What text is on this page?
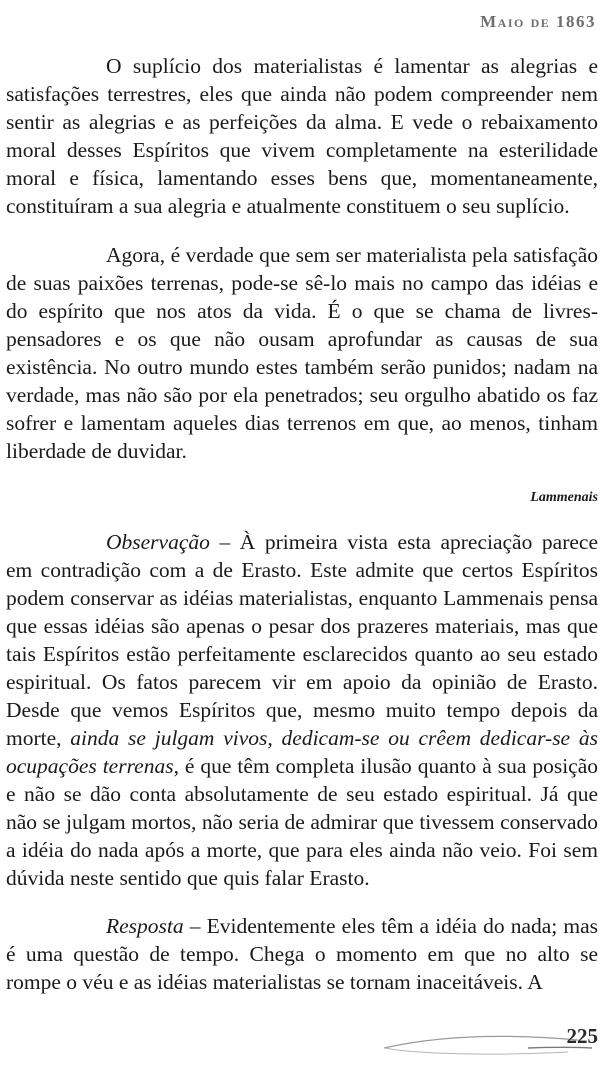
Maio de 1863

O suplício dos materialistas é lamentar as alegrias e satisfações terrestres, eles que ainda não podem compreender nem sentir as alegrias e as perfeições da alma. E vede o rebaixamento moral desses Espíritos que vivem completamente na esterilidade moral e física, lamentando esses bens que, momentaneamente, constituíram a sua alegria e atualmente constituem o seu suplício.

Agora, é verdade que sem ser materialista pela satisfação de suas paixões terrenas, pode-se sê-lo mais no campo das idéias e do espírito que nos atos da vida. É o que se chama de livres-pensadores e os que não ousam aprofundar as causas de sua existência. No outro mundo estes também serão punidos; nadam na verdade, mas não são por ela penetrados; seu orgulho abatido os faz sofrer e lamentam aqueles dias terrenos em que, ao menos, tinham liberdade de duvidar.

Lammenais

Observação – À primeira vista esta apreciação parece em contradição com a de Erasto. Este admite que certos Espíritos podem conservar as idéias materialistas, enquanto Lammenais pensa que essas idéias são apenas o pesar dos prazeres materiais, mas que tais Espíritos estão perfeitamente esclarecidos quanto ao seu estado espiritual. Os fatos parecem vir em apoio da opinião de Erasto. Desde que vemos Espíritos que, mesmo muito tempo depois da morte, ainda se julgam vivos, dedicam-se ou crêem dedicar-se às ocupações terrenas, é que têm completa ilusão quanto à sua posição e não se dão conta absolutamente de seu estado espiritual. Já que não se julgam mortos, não seria de admirar que tivessem conservado a idéia do nada após a morte, que para eles ainda não veio. Foi sem dúvida neste sentido que quis falar Erasto.

Resposta – Evidentemente eles têm a idéia do nada; mas é uma questão de tempo. Chega o momento em que no alto se rompe o véu e as idéias materialistas se tornam inaceitáveis. A

225
